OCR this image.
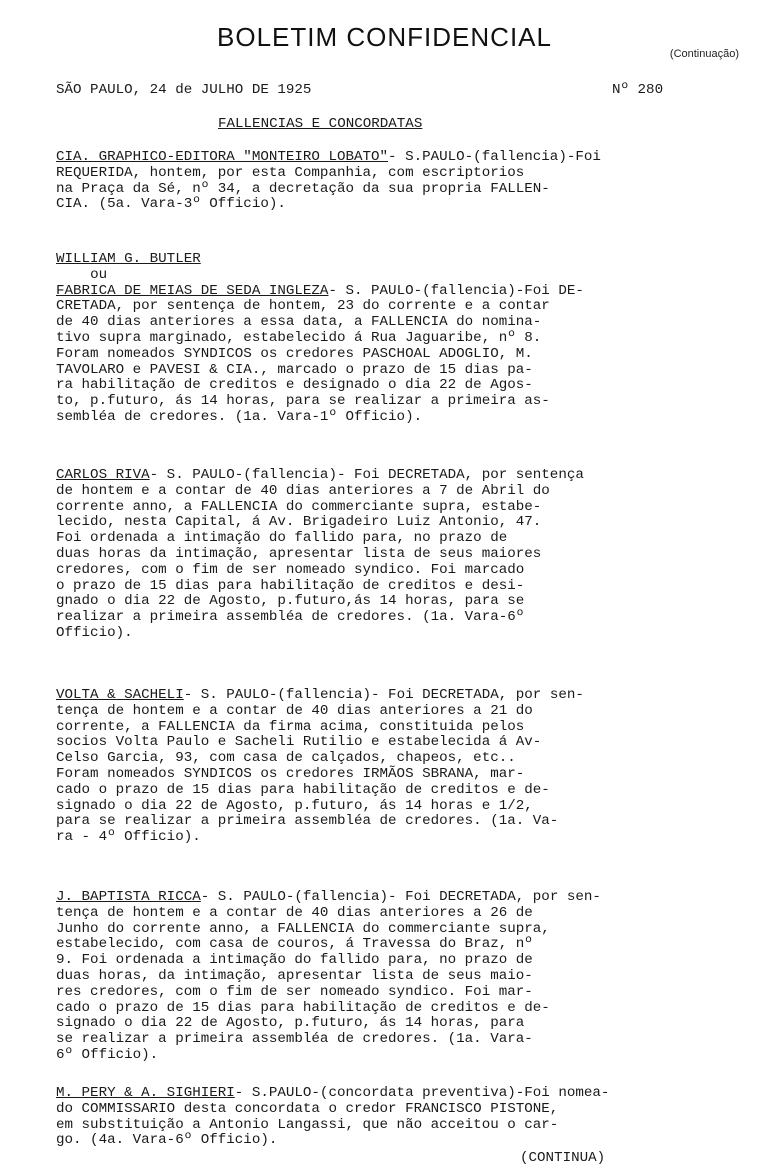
BOLETIM CONFIDENCIAL
(Continuação)
SÃO PAULO, 24 de JULHO DE 1925	Nº 280
FALLENCIAS E CONCORDATAS
CIA. GRAPHICO-EDITORA "MONTEIRO LOBATO"- S.PAULO-(fallencia)-Foi
REQUERIDA, hontem, por esta Companhia, com escriptorios
na Praça da Sé, nº 34, a decretação da sua propria FALLEN-
CIA. (5a. Vara-3º Officio).
WILLIAM G. BUTLER
ou
FABRICA DE MEIAS DE SEDA INGLEZA- S. PAULO-(fallencia)-Foi DE-
CRETADA, por sentença de hontem, 23 do corrente e a contar
de 40 dias anteriores a essa data, a FALLENCIA do nomina-
tivo supra marginado, estabelecido á Rua Jaguaribe, nº 8.
Foram nomeados SYNDICOS os credores PASCHOAL ADOGLIO, M.
TAVOLARO e PAVESI & CIA., marcado o prazo de 15 dias pa-
ra habilitação de creditos e designado o dia 22 de Agos-
to, p.futuro, ás 14 horas, para se realizar a primeira as-
sembléa de credores. (1a. Vara-1º Officio).
CARLOS RIVA- S. PAULO-(fallencia)- Foi DECRETADA, por sentença
de hontem e a contar de 40 dias anteriores a 7 de Abril do
corrente anno, a FALLENCIA do commerciante supra, estabe-
lecido, nesta Capital, á Av. Brigadeiro Luiz Antonio, 47.
Foi ordenada a intimação do fallido para, no prazo de
duas horas da intimação, apresentar lista de seus maiores
credores, com o fim de ser nomeado syndico. Foi marcado
o prazo de 15 dias para habilitação de creditos e desi-
gnado o dia 22 de Agosto, p.futuro,ás 14 horas, para se
realizar a primeira assembléa de credores. (1a. Vara-6º
Officio).
VOLTA & SACHELI- S. PAULO-(fallencia)- Foi DECRETADA, por sen-
tença de hontem e a contar de 40 dias anteriores a 21 do
corrente, a FALLENCIA da firma acima, constituida pelos
socios Volta Paulo e Sacheli Rutilio e estabelecida á Av-
Celso Garcia, 93, com casa de calçados, chapeos, etc..
Foram nomeados SYNDICOS os credores IRMÃOS SBRANA, mar-
cado o prazo de 15 dias para habilitação de creditos e de-
signado o dia 22 de Agosto, p.futuro, ás 14 horas e 1/2,
para se realizar a primeira assembléa de credores. (1a. Va-
ra - 4º Officio).
J. BAPTISTA RICCA- S. PAULO-(fallencia)- Foi DECRETADA, por sen-
tença de hontem e a contar de 40 dias anteriores a 26 de
Junho do corrente anno, a FALLENCIA do commerciante supra,
estabelecido, com casa de couros, á Travessa do Braz, nº
9. Foi ordenada a intimação do fallido para, no prazo de
duas horas, da intimação, apresentar lista de seus maio-
res credores, com o fim de ser nomeado syndico. Foi mar-
cado o prazo de 15 dias para habilitação de creditos e de-
signado o dia 22 de Agosto, p.futuro, ás 14 horas, para
se realizar a primeira assembléa de credores. (1a. Vara-
6º Officio).
M. PERY & A. SIGHIERI- S.PAULO-(concordata preventiva)-Foi nomea-
do COMMISSARIO desta concordata o credor FRANCISCO PISTONE,
em substituição a Antonio Langassi, que não acceitou o car-
go. (4a. Vara-6º Officio).
(CONTINUA)
